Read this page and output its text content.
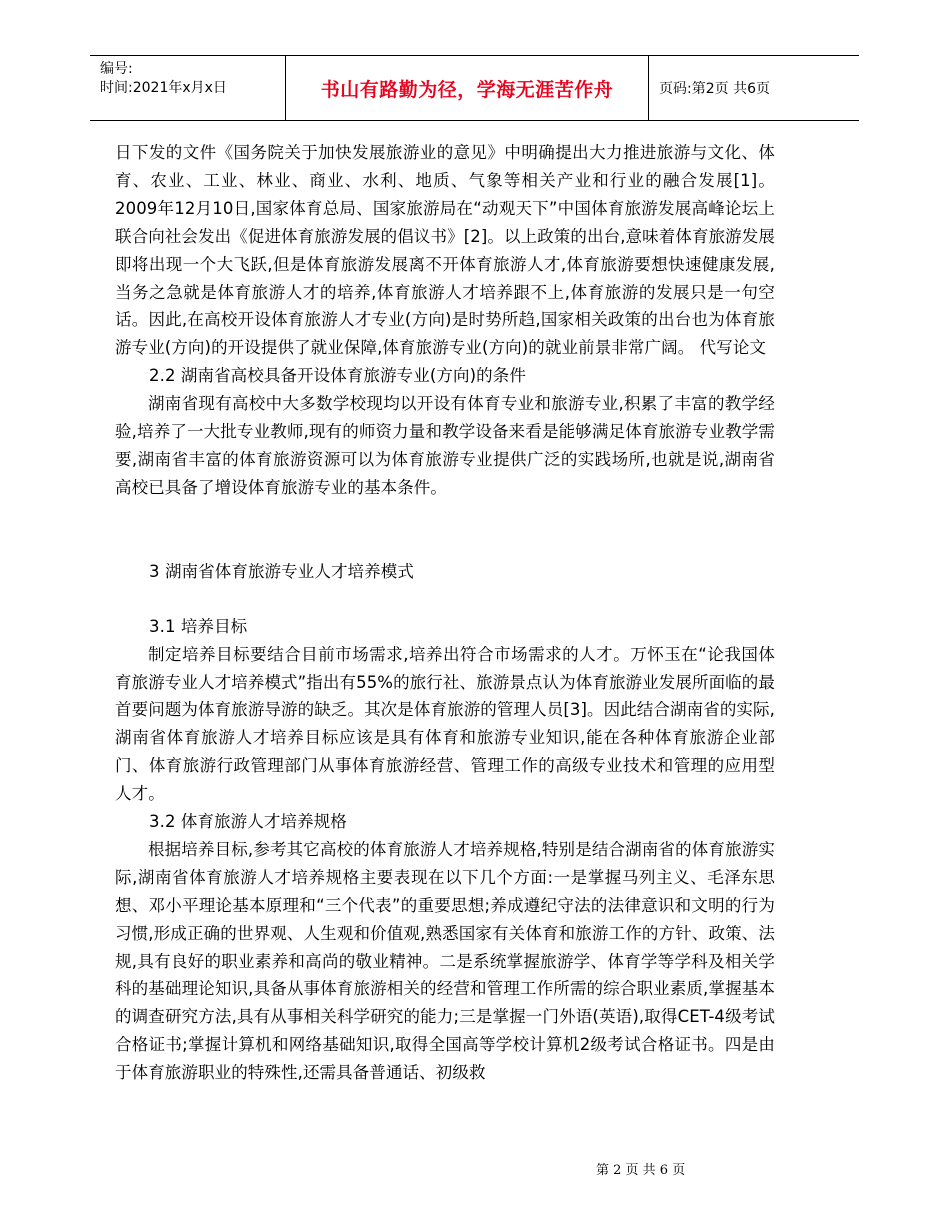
编号:
时间:2021年x月x日	书山有路勤为径，学海无涯苦作舟	页码:第2页 共6页

日下发的文件《国务院关于加快发展旅游业的意见》中明确提出大力推进旅游与文化、体育、农业、工业、林业、商业、水利、地质、气象等相关产业和行业的融合发展[1]。2009年12月10日,国家体育总局、国家旅游局在“动观天下”中国体育旅游发展高峰论坛上联合向社会发出《促进体育旅游发展的倡议书》[2]。以上政策的出台,意味着体育旅游发展即将出现一个大飞跃,但是体育旅游发展离不开体育旅游人才,体育旅游要想快速健康发展,当务之急就是体育旅游人才的培养,体育旅游人才培养跟不上,体育旅游的发展只是一句空话。因此,在高校开设体育旅游人才专业(方向)是时势所趋,国家相关政策的出台也为体育旅游专业(方向)的开设提供了就业保障,体育旅游专业(方向)的就业前景非常广阔。 代写论文

2.2 湖南省高校具备开设体育旅游专业(方向)的条件

湖南省现有高校中大多数学校现均以开设有体育专业和旅游专业,积累了丰富的教学经验,培养了一大批专业教师,现有的师资力量和教学设备来看是能够满足体育旅游专业教学需要,湖南省丰富的体育旅游资源可以为体育旅游专业提供广泛的实践场所,也就是说,湖南省高校已具备了增设体育旅游专业的基本条件。

3 湖南省体育旅游专业人才培养模式

3.1 培养目标

制定培养目标要结合目前市场需求,培养出符合市场需求的人才。万怀玉在“论我国体育旅游专业人才培养模式”指出有55%的旅行社、旅游景点认为体育旅游业发展所面临的最首要问题为体育旅游导游的缺乏。其次是体育旅游的管理人员[3]。因此结合湖南省的实际,湖南省体育旅游人才培养目标应该是具有体育和旅游专业知识,能在各种体育旅游企业部门、体育旅游行政管理部门从事体育旅游经营、管理工作的高级专业技术和管理的应用型人才。

3.2 体育旅游人才培养规格

根据培养目标,参考其它高校的体育旅游人才培养规格,特别是结合湖南省的体育旅游实际,湖南省体育旅游人才培养规格主要表现在以下几个方面:一是掌握马列主义、毛泽东思想、邓小平理论基本原理和“三个代表”的重要思想;养成遵纪守法的法律意识和文明的行为习惯,形成正确的世界观、人生观和价值观,熟悉国家有关体育和旅游工作的方针、政策、法规,具有良好的职业素养和高尚的敬业精神。二是系统掌握旅游学、体育学等学科及相关学科的基础理论知识,具备从事体育旅游相关的经营和管理工作所需的综合职业素质,掌握基本的调查研究方法,具有从事相关科学研究的能力;三是掌握一门外语(英语),取得CET-4级考试合格证书;掌握计算机和网络基础知识,取得全国高等学校计算机2级考试合格证书。四是由于体育旅游职业的特殊性,还需具备普通话、初级救

第 2 页 共 6 页
